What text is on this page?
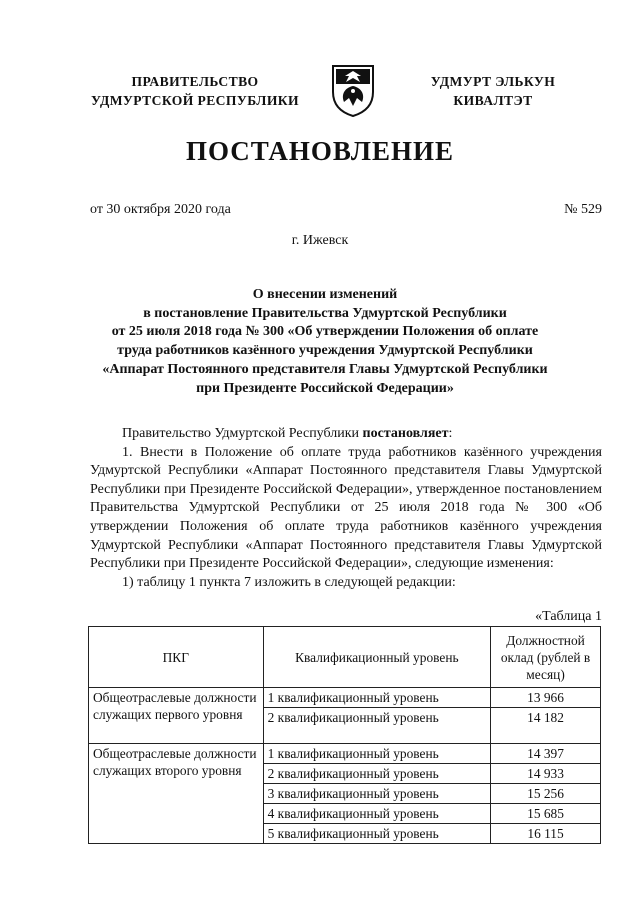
ПРАВИТЕЛЬСТВО
УДМУРТСКОЙ РЕСПУБЛИКИ
УДМУРТ ЭЛЬКУН
КИВАЛТЭТ
ПОСТАНОВЛЕНИЕ
от 30 октября 2020 года	№ 529
г. Ижевск
О внесении изменений
в постановление Правительства Удмуртской Республики
от 25 июля 2018 года № 300 «Об утверждении Положения об оплате
труда работников казённого учреждения Удмуртской Республики
«Аппарат Постоянного представителя Главы Удмуртской Республики
при Президенте Российской Федерации»

Правительство Удмуртской Республики постановляет:

1. Внести в Положение об оплате труда работников казённого учреждения Удмуртской Республики «Аппарат Постоянного представителя Главы Удмуртской Республики при Президенте Российской Федерации», утвержденное постановлением Правительства Удмуртской Республики от 25 июля 2018 года № 300 «Об утверждении Положения об оплате труда работников казённого учреждения Удмуртской Республики «Аппарат Постоянного представителя Главы Удмуртской Республики при Президенте Российской Федерации», следующие изменения:

1) таблицу 1 пункта 7 изложить в следующей редакции:

«Таблица 1
ПКГ	Квалификационный уровень	Должностной оклад (рублей в месяц)
Общеотраслевые должности служащих первого уровня	1 квалификационный уровень	13 966
	2 квалификационный уровень	14 182
Общеотраслевые должности служащих второго уровня	1 квалификационный уровень	14 397
	2 квалификационный уровень	14 933
	3 квалификационный уровень	15 256
	4 квалификационный уровень	15 685
	5 квалификационный уровень	16 115
